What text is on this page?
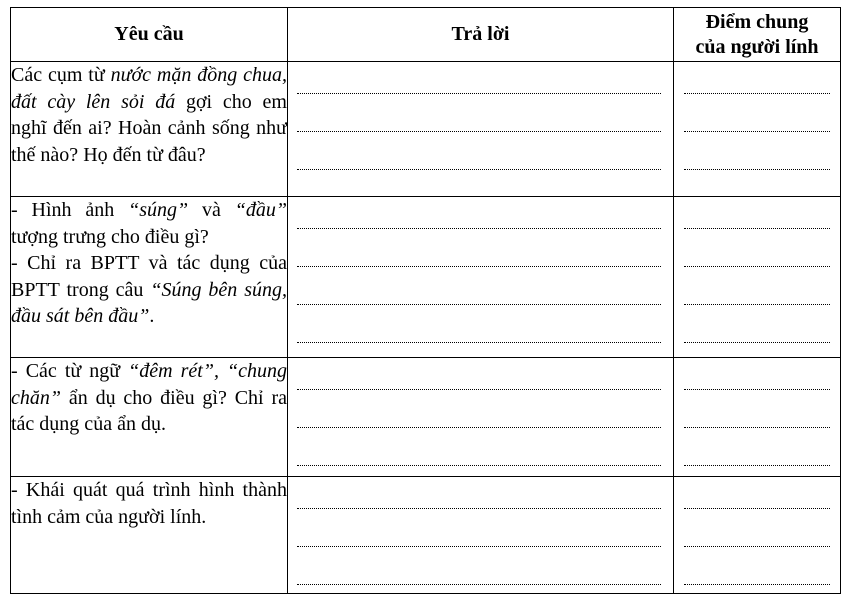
Yêu cầu	Trả lời	Điểm chung
của người lính

Các cụm từ nước mặn đồng chua, đất cày lên sỏi đá gợi cho em nghĩ đến ai? Hoàn cảnh sống như thế nào? Họ đến từ đâu?		

- Hình ảnh “súng” và “đầu” tượng trưng cho điều gì?

- Chỉ ra BPTT và tác dụng của BPTT trong câu “Súng bên súng, đầu sát bên đầu”.		

- Các từ ngữ “đêm rét”, “chung chăn” ẩn dụ cho điều gì? Chỉ ra tác dụng của ẩn dụ.		

- Khái quát quá trình hình thành tình cảm của người lính.		
